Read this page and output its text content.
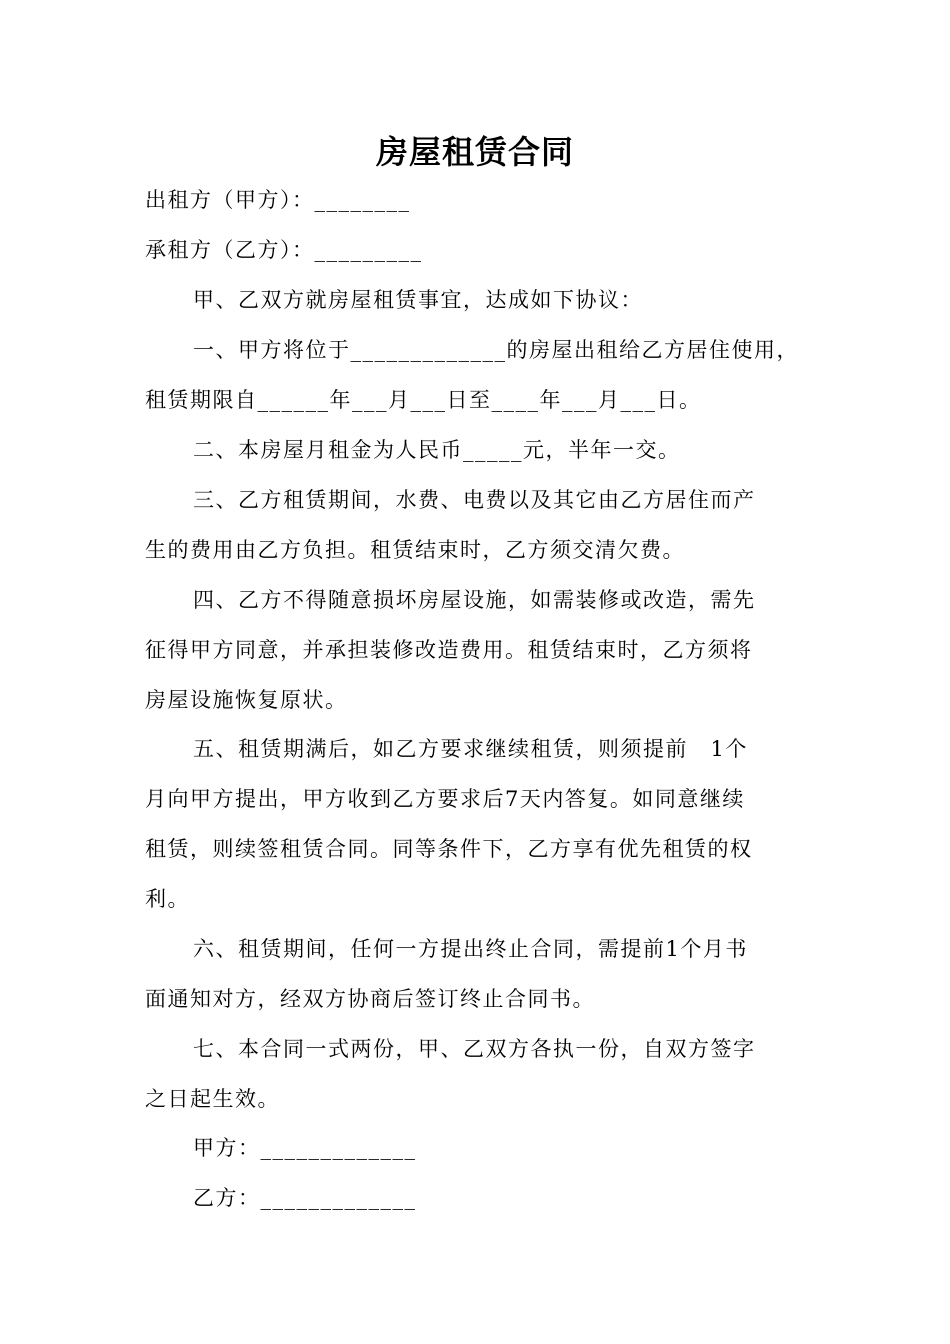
房屋租赁合同
出租方（甲方）：________
承租方（乙方）：_________
甲、乙双方就房屋租赁事宜，达成如下协议：
一、甲方将位于_____________的房屋出租给乙方居住使用，
租赁期限自______年___月___日至____年___月___日。
二、本房屋月租金为人民币_____元，半年一交。
三、乙方租赁期间，水费、电费以及其它由乙方居住而产
生的费用由乙方负担。租赁结束时，乙方须交清欠费。
四、乙方不得随意损坏房屋设施，如需装修或改造，需先
征得甲方同意，并承担装修改造费用。租赁结束时，乙方须将
房屋设施恢复原状。
五、租赁期满后，如乙方要求继续租赁，则须提前　1个
月向甲方提出，甲方收到乙方要求后7天内答复。如同意继续
租赁，则续签租赁合同。同等条件下，乙方享有优先租赁的权
利。
六、租赁期间，任何一方提出终止合同，需提前1个月书
面通知对方，经双方协商后签订终止合同书。
七、本合同一式两份，甲、乙双方各执一份，自双方签字
之日起生效。
甲方：_____________
乙方：_____________
